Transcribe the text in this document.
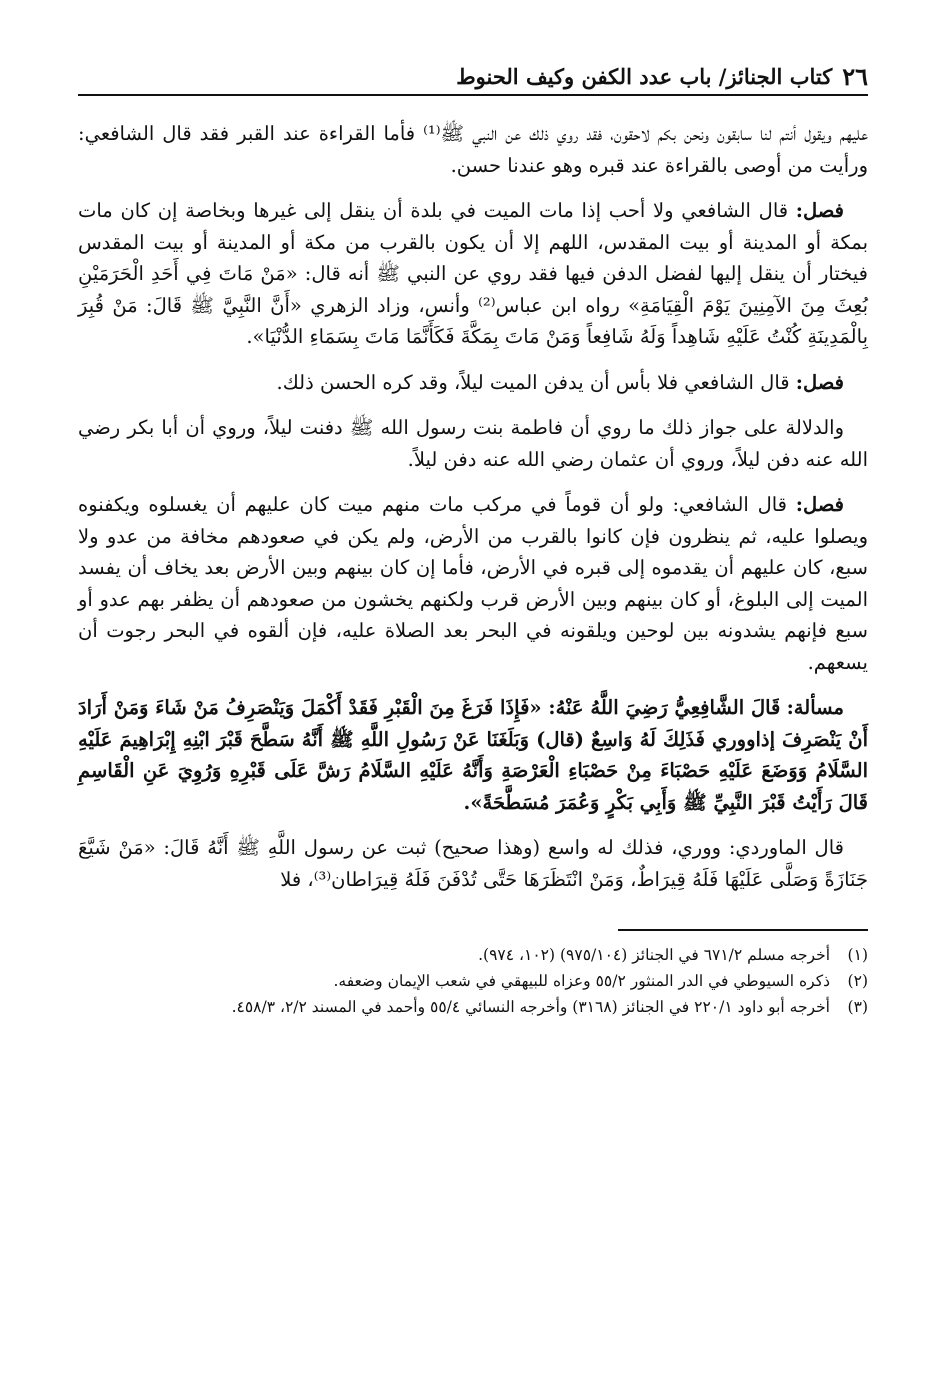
٢٦
كتاب الجنائز/ باب عدد الكفن وكيف الحنوط

عليهم ويقول أنتم لنا سابقون ونحن بكم لاحقون، فقد روي ذلك عن النبي ﷺ⁽¹⁾ فأما القراءة عند القبر فقد قال الشافعي: ورأيت من أوصى بالقراءة عند قبره وهو عندنا حسن.

فصل: قال الشافعي ولا أحب إذا مات الميت في بلدة أن ينقل إلى غيرها وبخاصة إن كان مات بمكة أو المدينة أو بيت المقدس، اللهم إلا أن يكون بالقرب من مكة أو المدينة أو بيت المقدس فيختار أن ينقل إليها لفضل الدفن فيها فقد روي عن النبي ﷺ أنه قال: «مَنْ مَاتَ فِي أَحَدِ الْحَرَمَيْنِ بُعِثَ مِنَ الآمِنِينَ يَوْمَ الْقِيَامَةِ» رواه ابن عباس⁽²⁾ وأنس، وزاد الزهري «أَنَّ النَّبِيَّ ﷺ قَالَ: مَنْ قُبِرَ بِالْمَدِينَةِ كُنْتُ عَلَيْهِ شَاهِداً وَلَهُ شَافِعاً وَمَنْ مَاتَ بِمَكَّةَ فَكَأَنَّمَا مَاتَ بِسَمَاءِ الدُّنْيَا».

فصل: قال الشافعي فلا بأس أن يدفن الميت ليلاً، وقد كره الحسن ذلك.

والدلالة على جواز ذلك ما روي أن فاطمة بنت رسول الله ﷺ دفنت ليلاً، وروي أن أبا بكر رضي الله عنه دفن ليلاً، وروي أن عثمان رضي الله عنه دفن ليلاً.

فصل: قال الشافعي: ولو أن قوماً في مركب مات منهم ميت كان عليهم أن يغسلوه ويكفنوه ويصلوا عليه، ثم ينظرون فإن كانوا بالقرب من الأرض، ولم يكن في صعودهم مخافة من عدو ولا سبع، كان عليهم أن يقدموه إلى قبره في الأرض، فأما إن كان بينهم وبين الأرض بعد يخاف أن يفسد الميت إلى البلوغ، أو كان بينهم وبين الأرض قرب ولكنهم يخشون من صعودهم أن يظفر بهم عدو أو سبع فإنهم يشدونه بين لوحين ويلقونه في البحر بعد الصلاة عليه، فإن ألقوه في البحر رجوت أن يسعهم.

مسألة: قَالَ الشَّافِعِيُّ رَضِيَ اللَّهُ عَنْهُ: «فَإِذَا فَرَغَ مِنَ الْقَبْرِ فَقَدْ أَكْمَلَ وَيَنْصَرِفُ مَنْ شَاءَ وَمَنْ أَرَادَ أَنْ يَنْصَرِفَ إذاووري فَذَلِكَ لَهُ وَاسِعٌ (قال) وَبَلَغَنَا عَنْ رَسُولِ اللَّهِ ﷺ أَنَّهُ سَطَّحَ قَبْرَ ابْنِهِ إِبْرَاهِيمَ عَلَيْهِ السَّلَامُ وَوَضَعَ عَلَيْهِ حَصْبَاءَ مِنْ حَصْبَاءِ الْعَرْصَةِ وَأَنَّهُ عَلَيْهِ السَّلَامُ رَشَّ عَلَى قَبْرِهِ وَرُوِيَ عَنِ الْقَاسِمِ قَالَ رَأَيْتُ قَبْرَ النَّبِيِّ ﷺ وَأَبِي بَكْرٍ وَعُمَرَ مُسَطَّحَةً».

قال الماوردي: ووري، فذلك له واسع (وهذا صحيح) ثبت عن رسول اللَّهِ ﷺ أَنَّهُ قَالَ: «مَنْ شَيَّعَ جَنَازَةً وَصَلَّى عَلَيْهَا فَلَهُ قِيرَاطٌ، وَمَنْ انْتَظَرَهَا حَتَّى تُدْفَنَ فَلَهُ قِيرَاطان⁽³⁾، فلا

(١)
أخرجه مسلم ٦٧١/٢ في الجنائز (٩٧٥/١٠٤) (١٠٢، ٩٧٤).
(٢)
ذكره السيوطي في الدر المنثور ٥٥/٢ وعزاه للبيهقي في شعب الإيمان وضعفه.
(٣)
أخرجه أبو داود ٢٢٠/١ في الجنائز (٣١٦٨) وأخرجه النسائي ٥٥/٤ وأحمد في المسند ٢/٢، ٤٥٨/٣.
